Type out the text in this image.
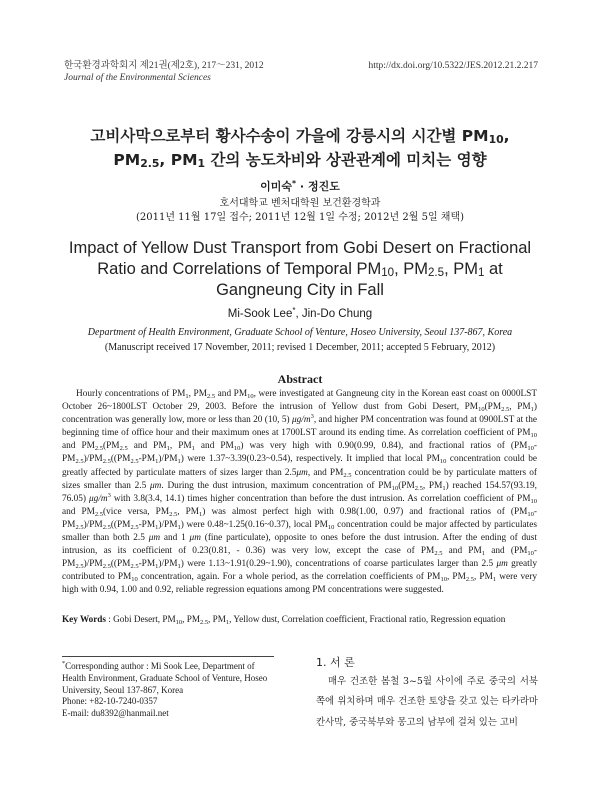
한국환경과학회지 제21권(제2호), 217～231, 2012
Journal of the Environmental Sciences
http://dx.doi.org/10.5322/JES.2012.21.2.217
고비사막으로부터 황사수송이 가을에 강릉시의 시간별 $PM_{10}$,
$PM_{2.5}$, $PM_1$ 간의 농도차비와 상관관계에 미치는 영향
이미숙* · 정진도
호서대학교 벤처대학원 보건환경학과
(2011년 11월 17일 접수; 2011년 12월 1일 수정; 2012년 2월 5일 채택)
Impact of Yellow Dust Transport from Gobi Desert on Fractional
Ratio and Correlations of Temporal $PM_{10}$, $PM_{2.5}$, $PM_1$ at
Gangneung City in Fall
Mi-Sook Lee*, Jin-Do Chung
Department of Health Environment, Graduate School of Venture, Hoseo University, Seoul 137-867, Korea
(Manuscript received 17 November, 2011; revised 1 December, 2011; accepted 5 February, 2012)
Abstract
Hourly concentrations of $PM_1$, $PM_{2.5}$ and $PM_{10}$, were investigated at Gangneung city in the Korean east coast on 0000LST October 26~1800LST October 29, 2003. Before the intrusion of Yellow dust from Gobi Desert, $PM_{10}(PM_{2.5}$, $PM_1$) concentration was generally low, more or less than 20 (10, 5) $\mu g/m^3$, and higher PM concentration was found at 0900LST at the beginning time of office hour and their maximum ones at 1700LST around its ending time. As correlation coefficient of $PM_{10}$ and $PM_{2.5}(PM_{2.5}$ and $PM_1$, $PM_1$ and $PM_{10}$) was very high with 0.90(0.99, 0.84), and fractional ratios of $(PM_{10}-PM_{2.5})/PM_{2.5}((PM_{2.5}-PM_1)/PM_1)$ were 1.37~3.39(0.23~0.54), respectively. It implied that local $PM_{10}$ concentration could be greatly affected by particulate matters of sizes larger than 2.5μm, and $PM_{2.5}$ concentration could be by particulate matters of sizes smaller than 2.5 μm. During the dust intrusion, maximum concentration of $PM_{10}(PM_{2.5}$, $PM_1$) reached 154.57(93.19, 76.05) $\mu g/m^3$ with 3.8(3.4, 14.1) times higher concentration than before the dust intrusion. As correlation coefficient of $PM_{10}$ and $PM_{2.5}(vice$ versa, $PM_{2.5}$, $PM_1$) was almost perfect high with 0.98(1.00, 0.97) and fractional ratios of $(PM_{10}-PM_{2.5})/PM_{2.5}((PM_{2.5}-PM_1)/PM_1)$ were 0.48~1.25(0.16~0.37), local $PM_{10}$ concentration could be major affected by particulates smaller than both 2.5 μm and 1 μm (fine particulate), opposite to ones before the dust intrusion. After the ending of dust intrusion, as its coefficient of 0.23(0.81, - 0.36) was very low, except the case of $PM_{2.5}$ and $PM_1$ and $(PM_{10}-PM_{2.5})/PM_{2.5}((PM_{2.5}-PM_1)/PM_1)$ were 1.13~1.91(0.29~1.90), concentrations of coarse particulates larger than 2.5 μm greatly contributed to $PM_{10}$ concentration, again. For a whole period, as the correlation coefficients of $PM_{10}$, $PM_{2.5}$, $PM_1$ were very high with 0.94, 1.00 and 0.92, reliable regression equations among PM concentrations were suggested.
Key Words : Gobi Desert, $PM_{10}$, $PM_{2.5}$, $PM_1$, Yellow dust, Correlation coefficient, Fractional ratio, Regression equation
*Corresponding author : Mi Sook Lee, Department of Health Environment, Graduate School of Venture, Hoseo University, Seoul 137-867, Korea
Phone: +82-10-7240-0357
E-mail: du8392@hanmail.net
1. 서 론
매우 건조한 봄철 3~5월 사이에 주로 중국의 서북쪽에 위치하며 매우 건조한 토양을 갖고 있는 타카라마칸사막, 중국북부와 몽고의 남부에 걸쳐 있는 고비
